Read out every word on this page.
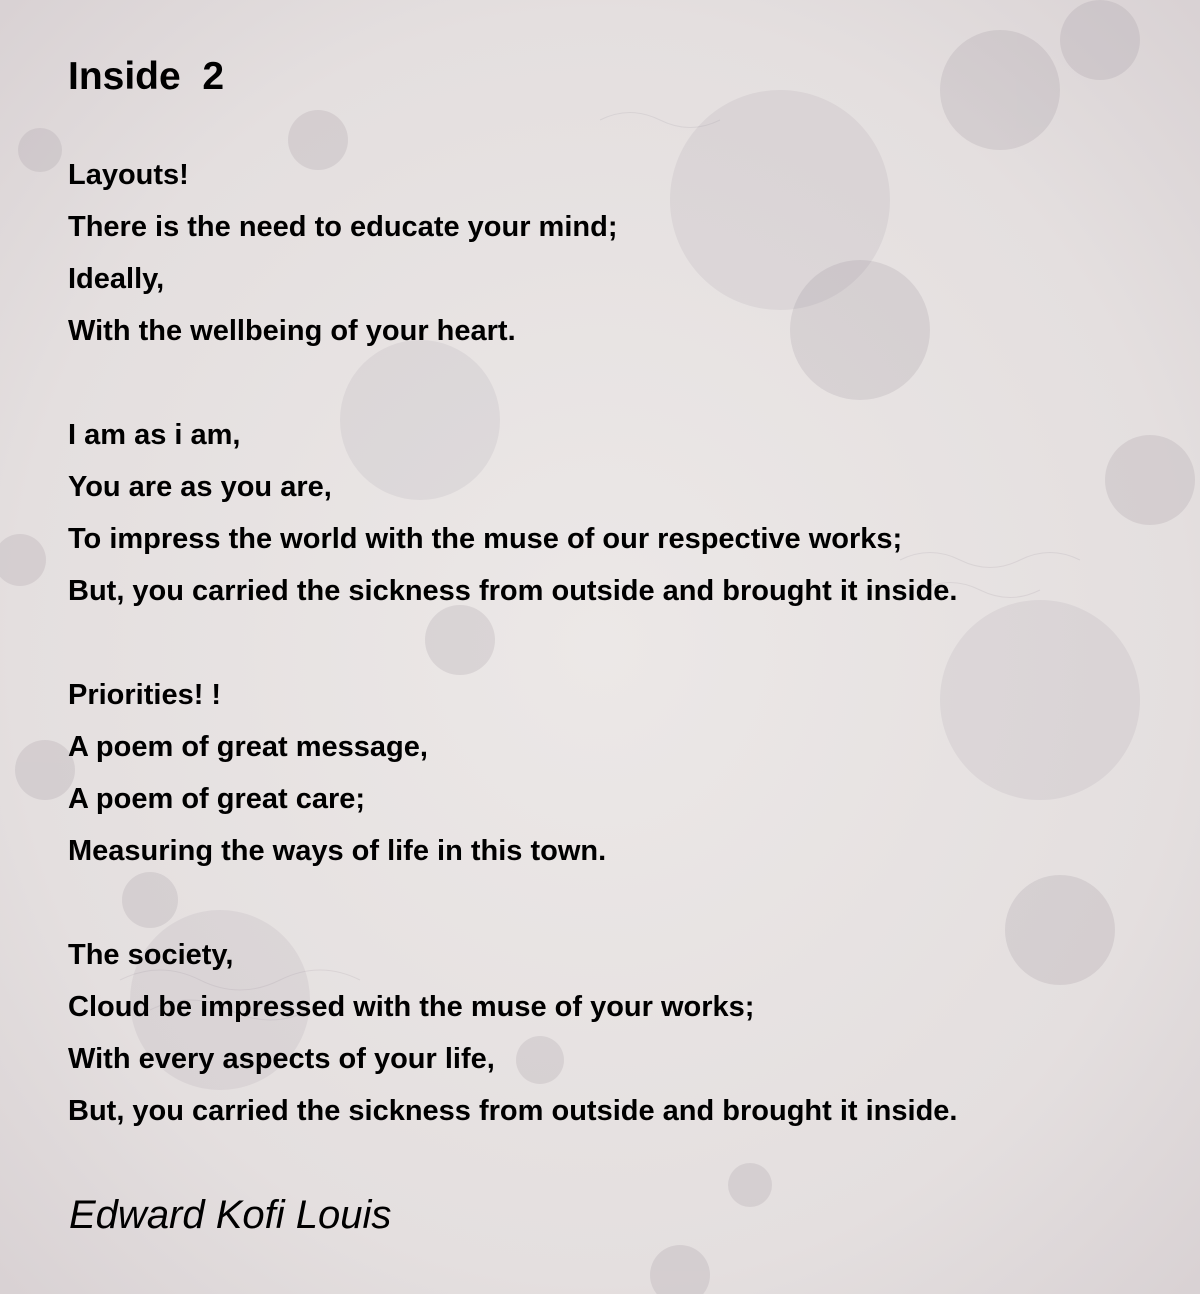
Inside  2
Layouts!
There is the need to educate your mind;
Ideally,
With the wellbeing of your heart.
I am as i am,
You are as you are,
To impress the world with the muse of our respective works;
But, you carried the sickness from outside and brought it inside.
Priorities! !
A poem of great message,
A poem of great care;
Measuring the ways of life in this town.
The society,
Cloud be impressed with the muse of your works;
With every aspects of your life,
But, you carried the sickness from outside and brought it inside.
Edward Kofi Louis
